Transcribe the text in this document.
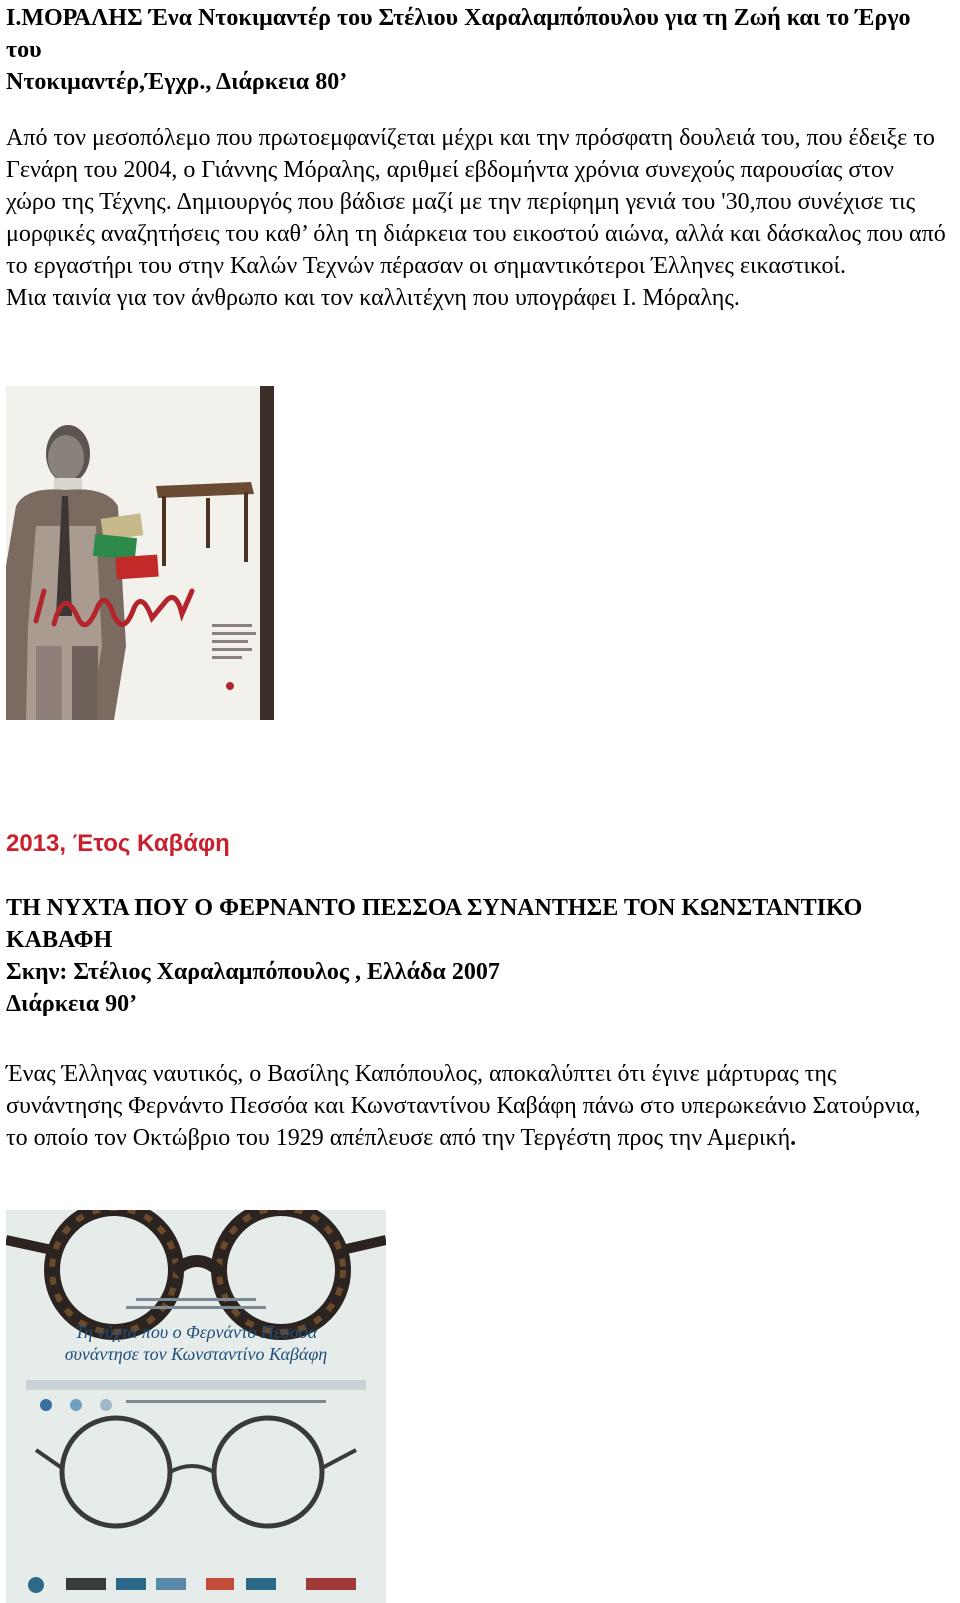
Ι.ΜΟΡΑΛΗΣ Ένα Ντοκιμαντέρ του Στέλιου Χαραλαμπόπουλου για τη Ζωή και το Έργο του

Ντοκιμαντέρ,Έγχρ., Διάρκεια 80’

Από τον μεσοπόλεμο που πρωτοεμφανίζεται μέχρι και την πρόσφατη δουλειά του, που έδειξε το Γενάρη του 2004, ο Γιάννης Μόραλης, αριθμεί εβδομήντα χρόνια συνεχούς παρουσίας στον χώρο της Τέχνης. Δημιουργός που βάδισε μαζί με την περίφημη γενιά του '30,που συνέχισε τις μορφικές αναζητήσεις του καθ’ όλη τη διάρκεια του εικοστού αιώνα, αλλά και δάσκαλος που από το εργαστήρι του στην Καλών Τεχνών πέρασαν οι σημαντικότεροι Έλληνες εικαστικοί.

Μια ταινία για τον άνθρωπο και τον καλλιτέχνη που υπογράφει Ι. Μόραλης.

2013, Έτος Καβάφη
ΤΗ ΝΥΧΤΑ ΠΟΥ Ο ΦΕΡΝΑΝΤΟ ΠΕΣΣΟΑ ΣΥΝΑΝΤΗΣΕ ΤΟΝ ΚΩΝΣΤΑΝΤΙΚΟ ΚΑΒΑΦΗ
Σκην: Στέλιος Χαραλαμπόπουλος , Ελλάδα 2007
Διάρκεια 90’

Ένας Έλληνας ναυτικός, ο Βασίλης Καπόπουλος, αποκαλύπτει ότι έγινε μάρτυρας της συνάντησης Φερνάντο Πεσσόα και Κωνσταντίνου Καβάφη πάνω στο υπερωκεάνιο Σατούρνια, το οποίο τον Οκτώβριο του 1929 απέπλευσε από την Τεργέστη προς την Αμερική.

Τη νύχτα που ο Φερνάντο Πεσσόα
συνάντησε τον Κωνσταντίνο Καβάφη
